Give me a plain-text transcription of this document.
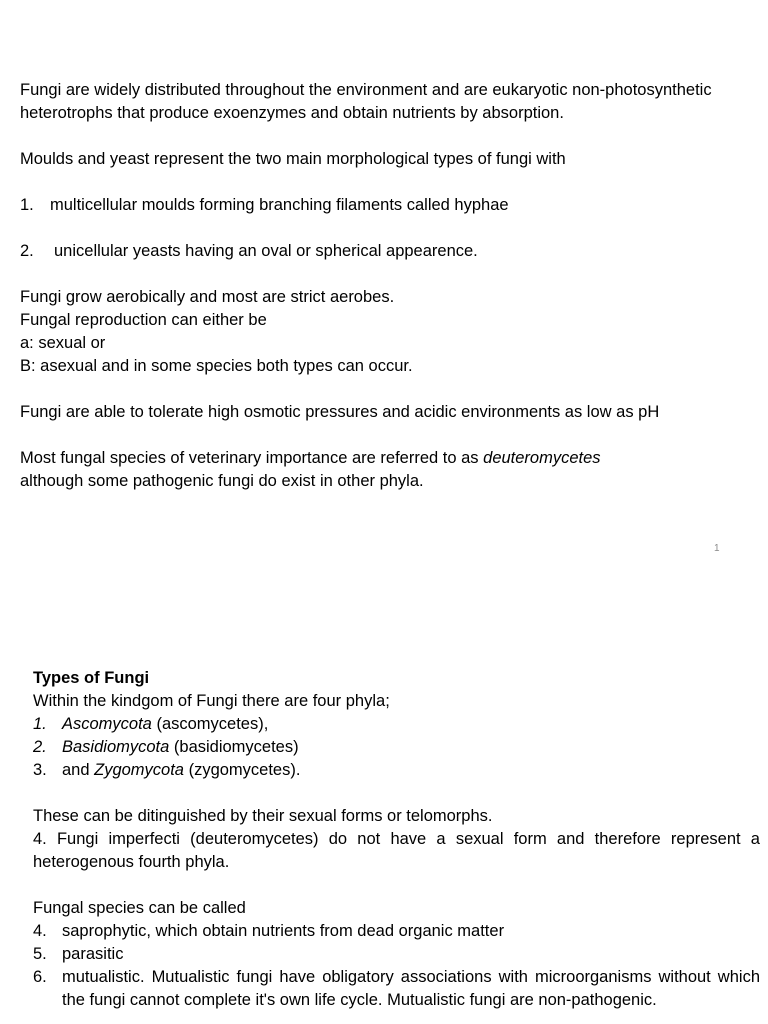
Fungi are widely distributed throughout the environment and are eukaryotic non-photosynthetic heterotrophs that produce exoenzymes and obtain nutrients by absorption.

Moulds and yeast represent the two main morphological types of fungi with

1. multicellular moulds forming branching filaments called hyphae

2. unicellular yeasts having an oval or spherical appearence.

Fungi grow aerobically and most are strict aerobes.

Fungal reproduction can either be

a: sexual or

B: asexual and in some species both types can occur.

Fungi are able to tolerate high osmotic pressures and acidic environments as low as pH

Most fungal species of veterinary importance are referred to as deuteromycetes

although some pathogenic fungi do exist in other phyla.

1

Types of Fungi

Within the kindgom of Fungi there are four phyla;

1. Ascomycota (ascomycetes),
2. Basidiomycota (basidiomycetes)
3. and Zygomycota (zygomycetes).

These can be ditinguished by their sexual forms or telomorphs.

4. Fungi imperfecti (deuteromycetes) do not have a sexual form and therefore represent a heterogenous fourth phyla.

Fungal species can be called

4. saprophytic, which obtain nutrients from dead organic matter
5. parasitic
6. mutualistic. Mutualistic fungi have obligatory associations with microorganisms without which the fungi cannot complete it's own life cycle. Mutualistic fungi are non-pathogenic.
